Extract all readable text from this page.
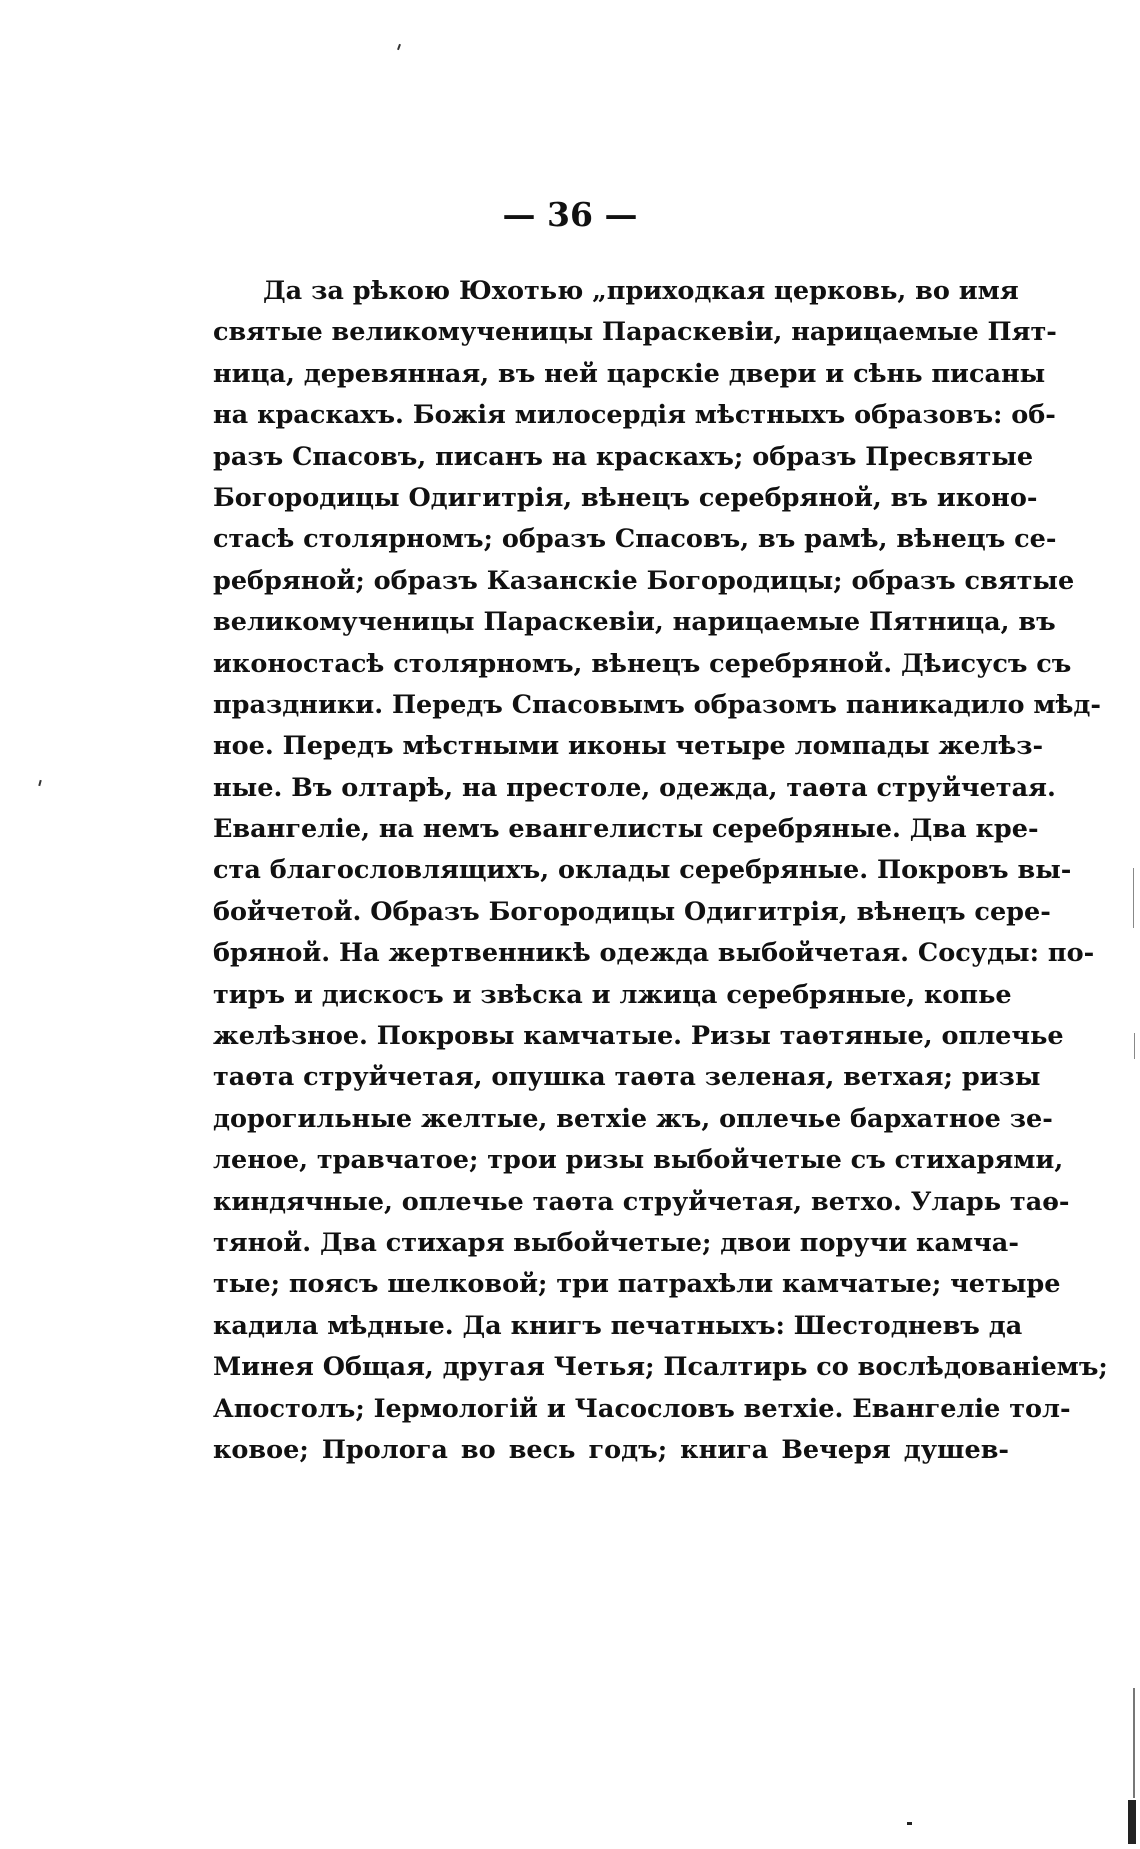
— 36 —
Да за рѣкою Юхотью „приходкая церковь, во имя
святые великомученицы Параскевіи, нарицаемые Пят-
ница, деревянная, въ ней царскіе двери и сѣнь писаны
на краскахъ. Божія милосердія мѣстныхъ образовъ: об-
разъ Спасовъ, писанъ на краскахъ; образъ Пресвятые
Богородицы Одигитрія, вѣнецъ серебряной, въ иконо-
стасѣ столярномъ; образъ Спасовъ, въ рамѣ, вѣнецъ се-
ребряной; образъ Казанскіе Богородицы; образъ святые
великомученицы Параскевіи, нарицаемые Пятница, въ
иконостасѣ столярномъ, вѣнецъ серебряной. Дѣисусъ съ
праздники. Передъ Спасовымъ образомъ паникадило мѣд-
ное. Передъ мѣстными иконы четыре ломпады желѣз-
ные. Въ олтарѣ, на престоле, одежда, таѳта струйчетая.
Евангеліе, на немъ евангелисты серебряные. Два кре-
ста благословлящихъ, оклады серебряные. Покровъ вы-
бойчетой. Образъ Богородицы Одигитрія, вѣнецъ сере-
бряной. На жертвенникѣ одежда выбойчетая. Сосуды: по-
тиръ и дискосъ и звѣска и лжица серебряные, копье
желѣзное. Покровы камчатые. Ризы таѳтяные, оплечье
таѳта струйчетая, опушка таѳта зеленая, ветхая; ризы
дорогильные желтые, ветхіе жъ, оплечье бархатное зе-
леное, травчатое; трои ризы выбойчетые съ стихарями,
киндячные, оплечье таѳта струйчетая, ветхо. Уларь таѳ-
тяной. Два стихаря выбойчетые; двои поручи камча-
тые; поясъ шелковой; три патрахѣли камчатые; четыре
кадила мѣдные. Да книгъ печатныхъ: Шестодневъ да
Минея Общая, другая Четья; Псалтирь со вослѣдованіемъ;
Апостолъ; Іермологій и Часословъ ветхіе. Евангеліе тол-
ковое; Пролога во весь годъ; книга Вечеря душев-
